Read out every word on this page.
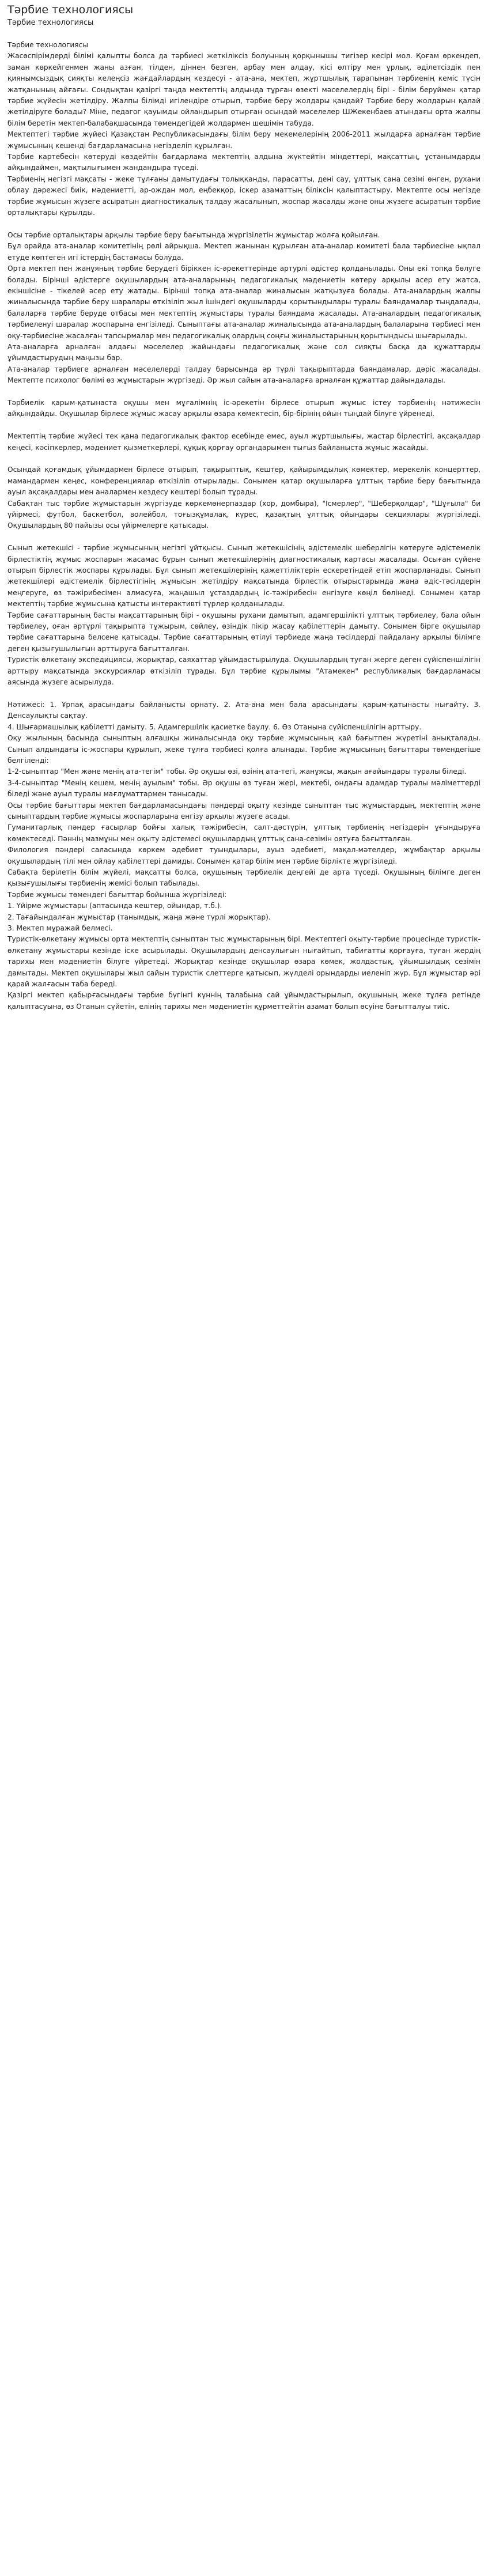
Тәрбие технологиясы
Тәрбие технологиясы

Тәрбие технологиясы

Жасөспірімдерді білімі қалыпты болса да тәрбиесі жеткіліксіз болуының қорқынышы тигізер кесірі мол. Қоғам өркендеп, заман көркейгенмен жаны азған, тілден, діннен безген, арбау мен алдау, кісі өлтіру мен ұрлық, әділетсіздік пен қиянымсыздық сияқты келеңсіз жағдайлардың кездесуі - ата-ана, мектеп, жұртшылық тарапынан тәрбиенің кеміс түсін жатқанының айғағы. Сондықтан қазіргі таңда мектептің алдында тұрған өзекті мәселелердің бірі - білім беруймен қатар тәрбие жүйесін жетілдіру. Жалпы білімді игілендіре отырып, тәрбие беру жолдары қандай? Тәрбие беру жолдарын қалай жетілдіруге болады? Міне, педагог қауымды ойландырып отырған осындай мәселелер ШЖекенбаев атындағы орта жалпы білім беретін мектеп-балабақшасында төмендегідей жолдармен шешімін табуда.

Мектептегі тәрбие жүйесі Қазақстан Республикасындағы білім беру мекемелерінің 2006-2011 жылдарға арналған тәрбие жұмысының кешенді бағдарламасына негізделіп құрылған.

Тәрбие картебесін көтеруді көздейтін бағдарлама мектептің алдына жүктейтін міндеттері, мақсаттың, ұстанымдарды айқындаймен, мақтылығымен жандандыра түседі.

Тәрбиенің негізгі мақсаты - жеке тұлғаны дамытудағы толыққанды, парасатты, дені сау, ұлттық сана сезімі өнген, рухани облау дәрежесі биік, мәдениетті, ар-ождан мол, еңбекқор, іскер азаматтың біліксін қалыптастыру. Мектепте осы негізде тәрбие жұмысын жүзеге асыратын диагностикалық талдау жасалынып, жоспар жасалды және оны жүзеге асыратын тәрбие орталықтары құрылды.

Осы тәрбие орталықтары арқылы тәрбие беру бағытында жүргізілетін жұмыстар жолға қойылған.

Бұл орайда ата-аналар комитетінің рөлі айрықша. Мектеп жанынан құрылған ата-аналар комитеті бала тәрбиесіне ықпал етуде көптеген игі істердің бастамасы болуда.

Орта мектеп пен жанұяның тәрбие берудегі біріккен іс-әрекеттерінде артурлі әдістер қолданылады. Оны екі топқа бөлуге болады. Бірінші әдістерге оқушылардың ата-аналарының педагогикалық мәдениетін көтеру арқылы асер ету жатса, екіншісіне - тікелей әсер ету жатады. Бірінші топқа ата-аналар жиналысын жатқызуға болады. Ата-аналардың жалпы жиналысында тәрбие беру шаралары өткізіліп жыл ішіндегі оқушыларды қорытындылары туралы баяндамалар тыңдалады, балаларға тәрбие беруде отбасы мен мектептің жұмыстары туралы баяндама жасалады. Ата-аналардың педагогикалық тәрбиеленуі шаралар жоспарына енгізіледі. Сыныптағы ата-аналар жиналысында ата-аналардың балаларына тәрбиесі мен оқу-тәрбиесіне жасалған тапсырмалар мен педагогикалық олардың соңғы жиналыстарының қорытындысы шығарылады.

Ата-аналарға арналған алдағы мәселелер жайындағы педагогикалық және сол сияқты басқа да құжаттарды ұйымдастырудың маңызы бар.

Ата-аналар тәрбиеге арналған мәселелерді талдау барысында әр түрлі тақырыптарда баяндамалар, дәріс жасалады. Мектепте психолог бөлімі өз жұмыстарын жүргізеді. Әр жыл сайын ата-аналарға арналған құжаттар дайындалады.

Тәрбиелік қарым-қатынаста оқушы мен мұғалімнің іс-әрекетін бірлесе отырып жұмыс істеу тәрбиенің нәтижесін айқындайды. Оқушылар бірлесе жұмыс жасау арқылы өзара көмектесіп, бір-бірінің ойын тыңдай білуге үйренеді.

Мектептің тәрбие жүйесі тек қана педагогикалық фактор есебінде емес, ауыл жұртшылығы, жастар бірлестігі, ақсақалдар кеңесі, кәсіпкерлер, мәдениет қызметкерлері, құқық қорғау органдарымен тығыз байланыста жұмыс жасайды.

Осындай қоғамдық ұйымдармен бірлесе отырып, тақырыптық, кештер, қайырымдылық көмектер, мерекелік концерттер, мамандармен кеңес, конференциялар өткізіліп отырылады. Сонымен қатар оқушыларға ұлттық тәрбие беру бағытында ауыл ақсақалдары мен аналармен кездесу кештері болып тұрады.

Сабақтан тыс тәрбие жұмыстарын жүргізуде көркемөнерпаздар (хор, домбыра), "Ісмерлер", "Шеберқолдар", "Шұғыла" би үйірмесі, футбол, баскетбол, волейбол, тоғызқұмалақ, күрес, қазақтың ұлттық ойындары секциялары жүргізіледі. Оқушылардың 80 пайызы осы үйірмелерге қатысады.

Сынып жетекшісі - тәрбие жұмысының негізгі ұйтқысы. Сынып жетекшісінің әдістемелік шеберлігін көтеруге әдістемелік бірлестіктің жұмыс жоспарын жасамас бұрын сынып жетекшілерінің диагностикалық картасы жасалады. Осыған сүйене отырып бірлестік жоспары құрылады. Бұл сынып жетекшілерінің қажеттіліктерін ескеретіндей етіп жоспарланады. Сынып жетекшілері әдістемелік бірлестігінің жұмысын жетілдіру мақсатында бірлестік отырыстарында жаңа әдіс-тәсілдерін меңгеруге, өз тәжірибесімен алмасуға, жаңашыл ұстаздардың іс-тәжірибесін енгізуге көңіл бөлінеді. Сонымен қатар мектептің тәрбие жұмысына қатысты интерактивті түрлер қолданылады.

Тәрбие сағаттарының басты мақсаттарының бірі - оқушыны рухани дамытып, адамгершілікті ұлттық тәрбиелеу, бала ойын тәрбиелеу, оған әртүрлі тақырыпта тұжырым, сөйлеу, өзіндік пікір жасау қабілеттерін дамыту. Сонымен бірге оқушылар тәрбие сағаттарына белсене қатысады. Тәрбие сағаттарының өтілуі тәрбиеде жаңа тәсілдерді пайдалану арқылы білімге деген қызығушылығын арттыруға бағытталған.

Туристік өлкетану экспедициясы, жорықтар, саяхаттар ұйымдастырылуда. Оқушылардың туған жерге деген сүйіспеншілігін арттыру мақсатында экскурсиялар өткізіліп тұрады. Бұл тәрбие құрылымы "Атамекен" республикалық бағдарламасы аясында жүзеге асырылуда.

Нәтижесі: 1. Ұрпақ арасындағы байланысты орнату. 2. Ата-ана мен бала арасындағы қарым-қатынасты нығайту. 3. Денсаулықты сақтау.

4. Шығармашылық қабілетті дамыту. 5. Адамгершілік қасиетке баулу. 6. Өз Отанына сүйіспеншілігін арттыру.

Оқу жылының басында сыныптың алғашқы жиналысында оқу тәрбие жұмысының қай бағытпен жүретіні анықталады. Сынып алдындағы іс-жоспары құрылып, жеке тұлға тәрбиесі қолға алынады. Тәрбие жұмысының бағыттары төмендегіше белгіленді:

1-2-сыныптар "Мен және менің ата-тегім" тобы. Әр оқушы өзі, өзінің ата-тегі, жанұясы, жақын ағайындары туралы біледі.

3-4-сыныптар "Менің кешем, менің ауылым" тобы. Әр оқушы өз туған жері, мектебі, ондағы адамдар туралы мәліметтерді біледі және ауыл туралы мағлұматтармен танысады.

Осы тәрбие бағыттары мектеп бағдарламасындағы пәндерді оқыту кезінде сыныптан тыс жұмыстардың, мектептің және сыныптардың тәрбие жұмысы жоспарларына енгізу арқылы жүзеге асады.

Гуманитарлық пәндер ғасырлар бойғы халық тәжірибесін, салт-дәстүрін, ұлттық тәрбиенің негіздерін ұғындыруға көмектеседі. Пәннің мазмұны мен оқыту әдістемесі оқушылардың ұлттық сана-сезімін оятуға бағытталған.

Филология пәндері саласында көркем әдебиет туындылары, ауыз әдебиеті, мақал-мәтелдер, жұмбақтар арқылы оқушылардың тілі мен ойлау қабілеттері дамиды. Сонымен қатар білім мен тәрбие бірлікте жүргізіледі.

Сабақта берілетін білім жүйелі, мақсатты болса, оқушының тәрбиелік деңгейі де арта түседі. Оқушының білімге деген қызығушылығы тәрбиенің жемісі болып табылады.

Тәрбие жұмысы төмендегі бағыттар бойынша жүргізіледі:

1. Үйірме жұмыстары (аптасында кештер, ойындар, т.б.).

2. Тағайындалған жұмыстар (танымдық, жаңа және түрлі жорықтар).

3. Мектеп мұражай белмесі.

Туристік-өлкетану жұмысы орта мектептің сыныптан тыс жұмыстарының бірі. Мектептегі оқыту-тәрбие процесінде туристік-өлкетану жұмыстары кезінде іске асырылады. Оқушылардың денсаулығын нығайтып, табиғатты қорғауға, туған жердің тарихы мен мәдениетін білуге үйретеді. Жорықтар кезінде оқушылар өзара көмек, жолдастық, ұйымшылдық сезімін дамытады. Мектеп оқушылары жыл сайын туристік слеттерге қатысып, жүлделі орындарды иеленіп жүр. Бұл жұмыстар әрі қарай жалғасын таба береді.

Қазіргі мектеп қабырғасындағы тәрбие бүгінгі күннің талабына сай ұйымдастырылып, оқушының жеке тұлға ретінде қалыптасуына, өз Отанын сүйетін, елінің тарихы мен мәдениетін құрметтейтін азамат болып өсуіне бағытталуы тиіс.
